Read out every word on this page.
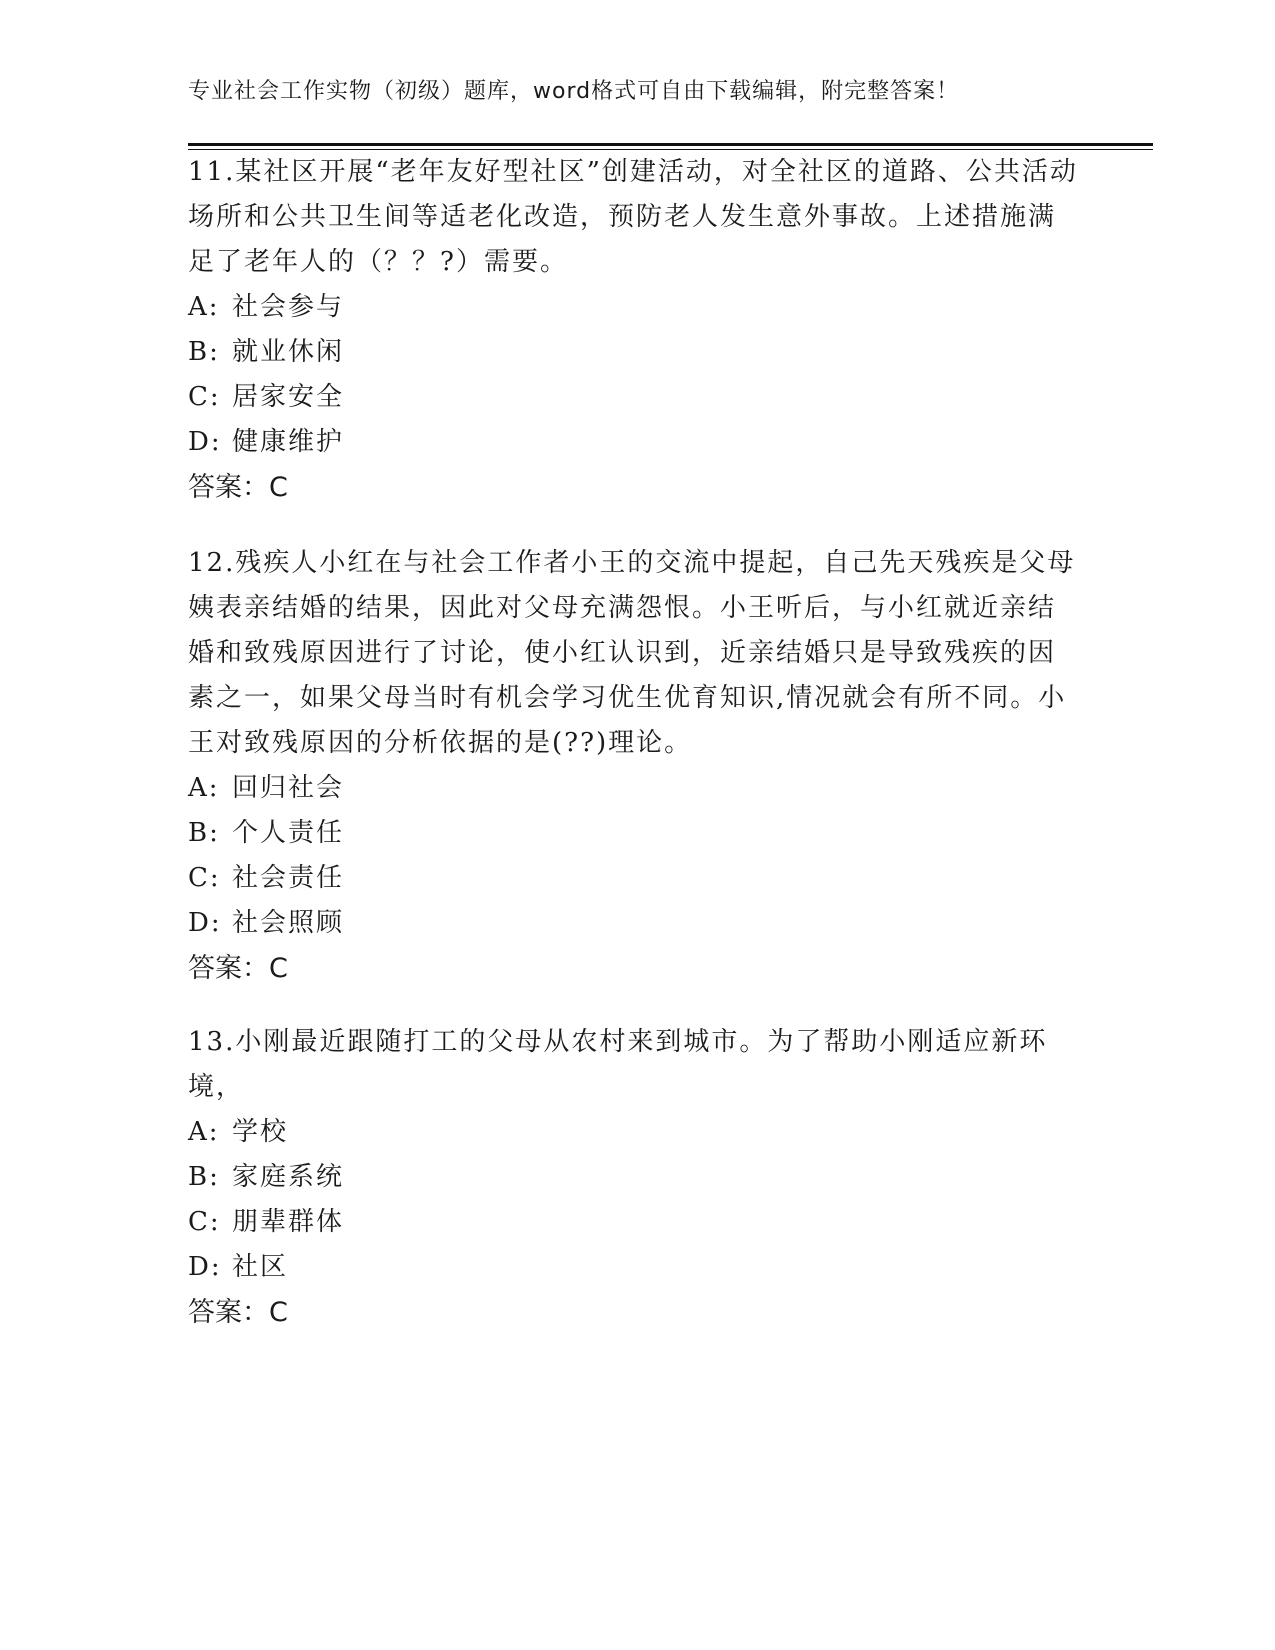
专业社会工作实物（初级）题库，word格式可自由下载编辑，附完整答案！

11.某社区开展“老年友好型社区”创建活动，对全社区的道路、公共活动场所和公共卫生间等适老化改造，预防老人发生意外事故。上述措施满足了老年人的（？？?）需要。

A: 社会参与
B: 就业休闲
C: 居家安全
D: 健康维护
答案：C

12.残疾人小红在与社会工作者小王的交流中提起，自己先天残疾是父母姨表亲结婚的结果，因此对父母充满怨恨。小王听后，与小红就近亲结婚和致残原因进行了讨论，使小红认识到，近亲结婚只是导致残疾的因素之一，如果父母当时有机会学习优生优育知识,情况就会有所不同。小王对致残原因的分析依据的是(??)理论。

A: 回归社会
B: 个人责任
C: 社会责任
D: 社会照顾
答案：C

13.小刚最近跟随打工的父母从农村来到城市。为了帮助小刚适应新环境，

A: 学校
B: 家庭系统
C: 朋辈群体
D: 社区
答案：C
